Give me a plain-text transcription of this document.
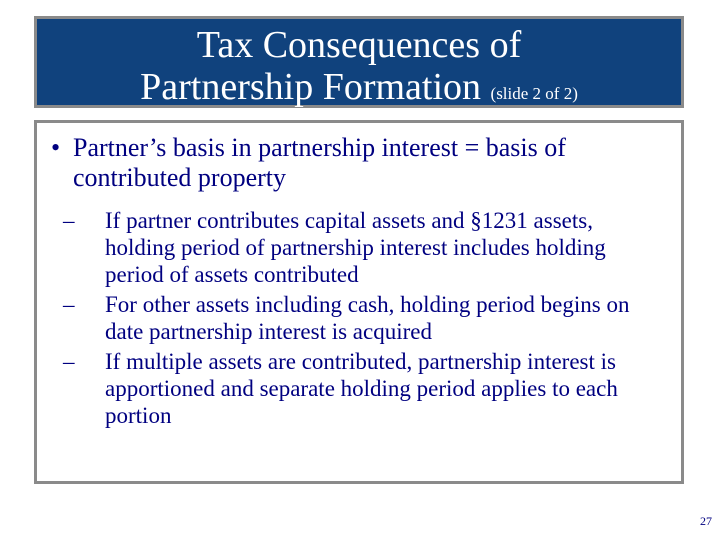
Tax Consequences of
Partnership Formation (slide 2 of 2)
• Partner’s basis in partnership interest = basis of contributed property
– If partner contributes capital assets and §1231 assets, holding period of partnership interest includes holding period of assets contributed
– For other assets including cash, holding period begins on date partnership interest is acquired
– If multiple assets are contributed, partnership interest is apportioned and separate holding period applies to each portion
27
